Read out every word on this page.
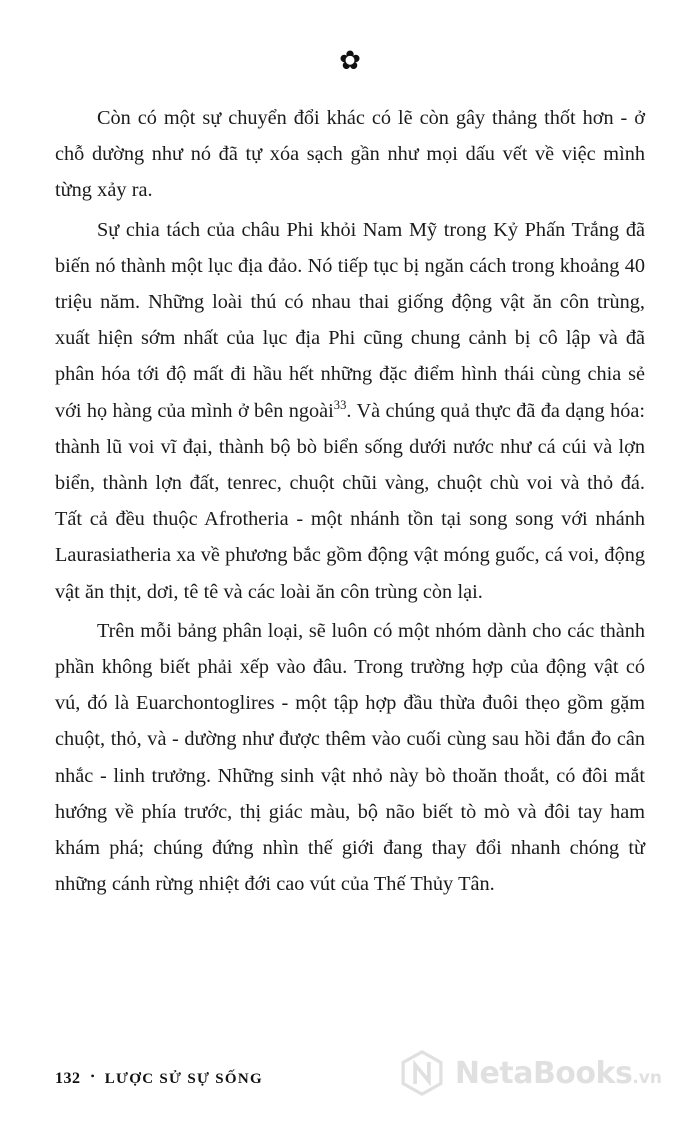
✿

Còn có một sự chuyển đổi khác có lẽ còn gây thảng thốt hơn - ở chỗ dường như nó đã tự xóa sạch gần như mọi dấu vết về việc mình từng xảy ra.

Sự chia tách của châu Phi khỏi Nam Mỹ trong Kỷ Phấn Trắng đã biến nó thành một lục địa đảo. Nó tiếp tục bị ngăn cách trong khoảng 40 triệu năm. Những loài thú có nhau thai giống động vật ăn côn trùng, xuất hiện sớm nhất của lục địa Phi cũng chung cảnh bị cô lập và đã phân hóa tới độ mất đi hầu hết những đặc điểm hình thái cùng chia sẻ với họ hàng của mình ở bên ngoài$^{33}$. Và chúng quả thực đã đa dạng hóa: thành lũ voi vĩ đại, thành bộ bò biển sống dưới nước như cá cúi và lợn biển, thành lợn đất, tenrec, chuột chũi vàng, chuột chù voi và thỏ đá. Tất cả đều thuộc Afrotheria - một nhánh tồn tại song song với nhánh Laurasiatheria xa về phương bắc gồm động vật móng guốc, cá voi, động vật ăn thịt, dơi, tê tê và các loài ăn côn trùng còn lại.

Trên mỗi bảng phân loại, sẽ luôn có một nhóm dành cho các thành phần không biết phải xếp vào đâu. Trong trường hợp của động vật có vú, đó là Euarchontoglires - một tập hợp đầu thừa đuôi thẹo gồm gặm chuột, thỏ, và - dường như được thêm vào cuối cùng sau hồi đắn đo cân nhắc - linh trưởng. Những sinh vật nhỏ này bò thoăn thoắt, có đôi mắt hướng về phía trước, thị giác màu, bộ não biết tò mò và đôi tay ham khám phá; chúng đứng nhìn thế giới đang thay đổi nhanh chóng từ những cánh rừng nhiệt đới cao vút của Thế Thủy Tân.

132 • LƯỢC SỬ SỰ SỐNG	NetaBooks.vn
